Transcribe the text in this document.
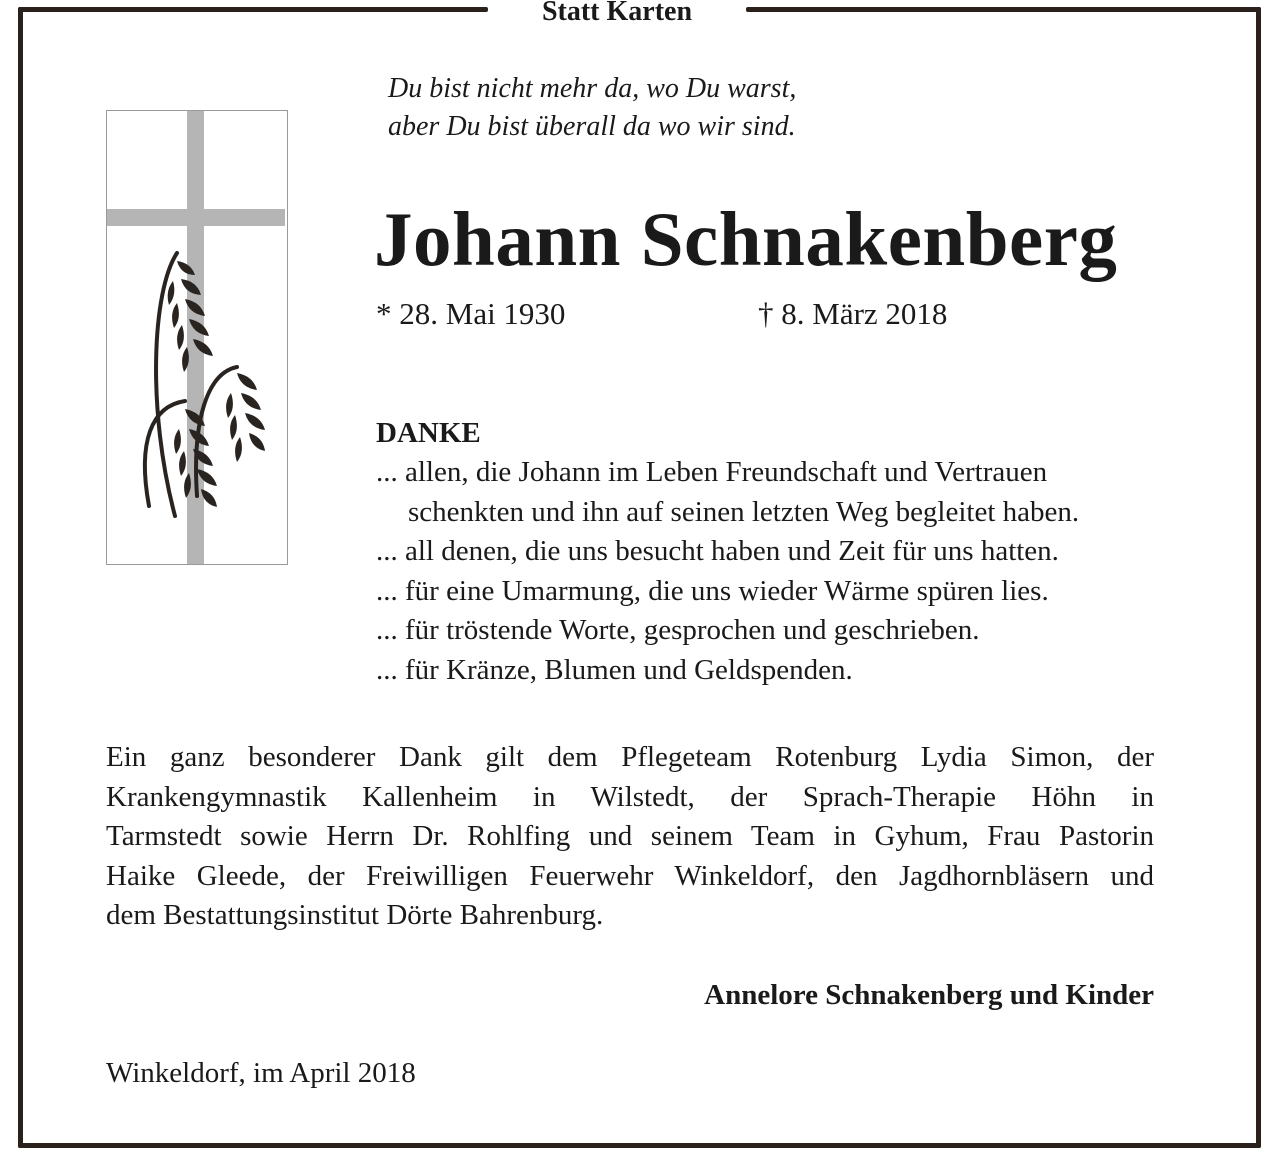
Statt Karten
Du bist nicht mehr da, wo Du warst,
aber Du bist überall da wo wir sind.
Johann Schnakenberg
* 28. Mai 1930	† 8. März 2018
DANKE
... allen, die Johann im Leben Freundschaft und Vertrauen
schenkten und ihn auf seinen letzten Weg begleitet haben.
... all denen, die uns besucht haben und Zeit für uns hatten.
... für eine Umarmung, die uns wieder Wärme spüren lies.
... für tröstende Worte, gesprochen und geschrieben.
... für Kränze, Blumen und Geldspenden.
Ein ganz besonderer Dank gilt dem Pflegeteam Rotenburg Lydia Simon, der
Krankengymnastik Kallenheim in Wilstedt, der Sprach-Therapie Höhn in
Tarmstedt sowie Herrn Dr. Rohlfing und seinem Team in Gyhum, Frau Pastorin
Haike Gleede, der Freiwilligen Feuerwehr Winkeldorf, den Jagdhornbläsern und
dem Bestattungsinstitut Dörte Bahrenburg.
Annelore Schnakenberg und Kinder
Winkeldorf, im April 2018
